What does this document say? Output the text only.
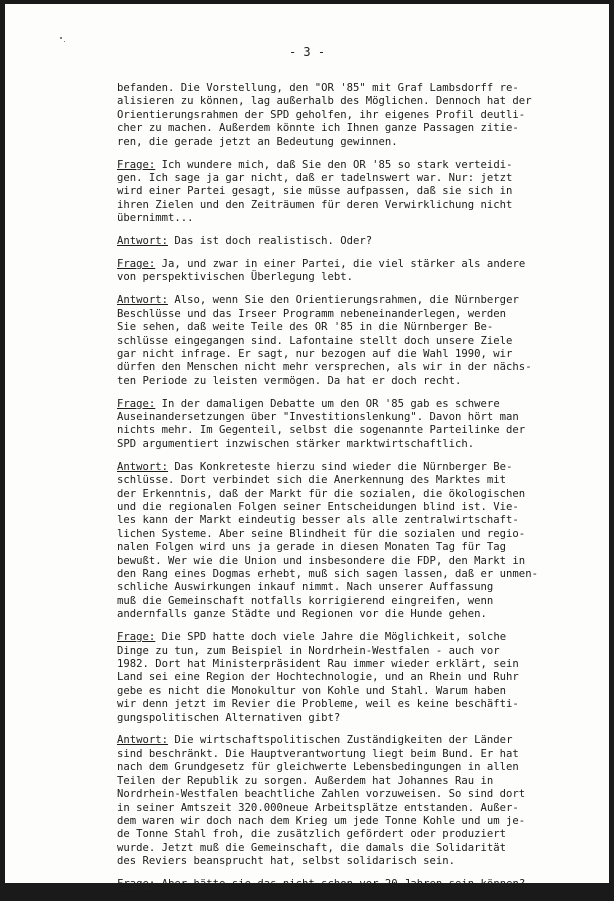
- 3 -
befanden. Die Vorstellung, den "OR '85" mit Graf Lambsdorff re-
alisieren zu können, lag außerhalb des Möglichen. Dennoch hat der
Orientierungsrahmen der SPD geholfen, ihr eigenes Profil deutli-
cher zu machen. Außerdem könnte ich Ihnen ganze Passagen zitie-
ren, die gerade jetzt an Bedeutung gewinnen.
Frage: Ich wundere mich, daß Sie den OR '85 so stark verteidi-
gen. Ich sage ja gar nicht, daß er tadelnswert war. Nur: jetzt
wird einer Partei gesagt, sie müsse aufpassen, daß sie sich in
ihren Zielen und den Zeiträumen für deren Verwirklichung nicht
übernimmt...
Antwort: Das ist doch realistisch. Oder?
Frage: Ja, und zwar in einer Partei, die viel stärker als andere
von perspektivischen Überlegung lebt.
Antwort: Also, wenn Sie den Orientierungsrahmen, die Nürnberger
Beschlüsse und das Irseer Programm nebeneinanderlegen, werden
Sie sehen, daß weite Teile des OR '85 in die Nürnberger Be-
schlüsse eingegangen sind. Lafontaine stellt doch unsere Ziele
gar nicht infrage. Er sagt, nur bezogen auf die Wahl 1990, wir
dürfen den Menschen nicht mehr versprechen, als wir in der nächs-
ten Periode zu leisten vermögen. Da hat er doch recht.
Frage: In der damaligen Debatte um den OR '85 gab es schwere
Auseinandersetzungen über "Investitionslenkung". Davon hört man
nichts mehr. Im Gegenteil, selbst die sogenannte Parteilinke der
SPD argumentiert inzwischen stärker marktwirtschaftlich.
Antwort: Das Konkreteste hierzu sind wieder die Nürnberger Be-
schlüsse. Dort verbindet sich die Anerkennung des Marktes mit
der Erkenntnis, daß der Markt für die sozialen, die ökologischen
und die regionalen Folgen seiner Entscheidungen blind ist. Vie-
les kann der Markt eindeutig besser als alle zentralwirtschaft-
lichen Systeme. Aber seine Blindheit für die sozialen und regio-
nalen Folgen wird uns ja gerade in diesen Monaten Tag für Tag
bewußt. Wer wie die Union und insbesondere die FDP, den Markt in
den Rang eines Dogmas erhebt, muß sich sagen lassen, daß er unmen-
schliche Auswirkungen inkauf nimmt. Nach unserer Auffassung
muß die Gemeinschaft notfalls korrigierend eingreifen, wenn
andernfalls ganze Städte und Regionen vor die Hunde gehen.
Frage: Die SPD hatte doch viele Jahre die Möglichkeit, solche
Dinge zu tun, zum Beispiel in Nordrhein-Westfalen - auch vor
1982. Dort hat Ministerpräsident Rau immer wieder erklärt, sein
Land sei eine Region der Hochtechnologie, und an Rhein und Ruhr
gebe es nicht die Monokultur von Kohle und Stahl. Warum haben
wir denn jetzt im Revier die Probleme, weil es keine beschäfti-
gungspolitischen Alternativen gibt?
Antwort: Die wirtschaftspolitischen Zuständigkeiten der Länder
sind beschränkt. Die Hauptverantwortung liegt beim Bund. Er hat
nach dem Grundgesetz für gleichwerte Lebensbedingungen in allen
Teilen der Republik zu sorgen. Außerdem hat Johannes Rau in
Nordrhein-Westfalen beachtliche Zahlen vorzuweisen. So sind dort
in seiner Amtszeit 320.000neue Arbeitsplätze entstanden. Außer-
dem waren wir doch nach dem Krieg um jede Tonne Kohle und um je-
de Tonne Stahl froh, die zusätzlich gefördert oder produziert
wurde. Jetzt muß die Gemeinschaft, die damals die Solidarität
des Reviers beansprucht hat, selbst solidarisch sein.
Frage: Aber hätte sie das nicht schon vor 20 Jahren sein können?
